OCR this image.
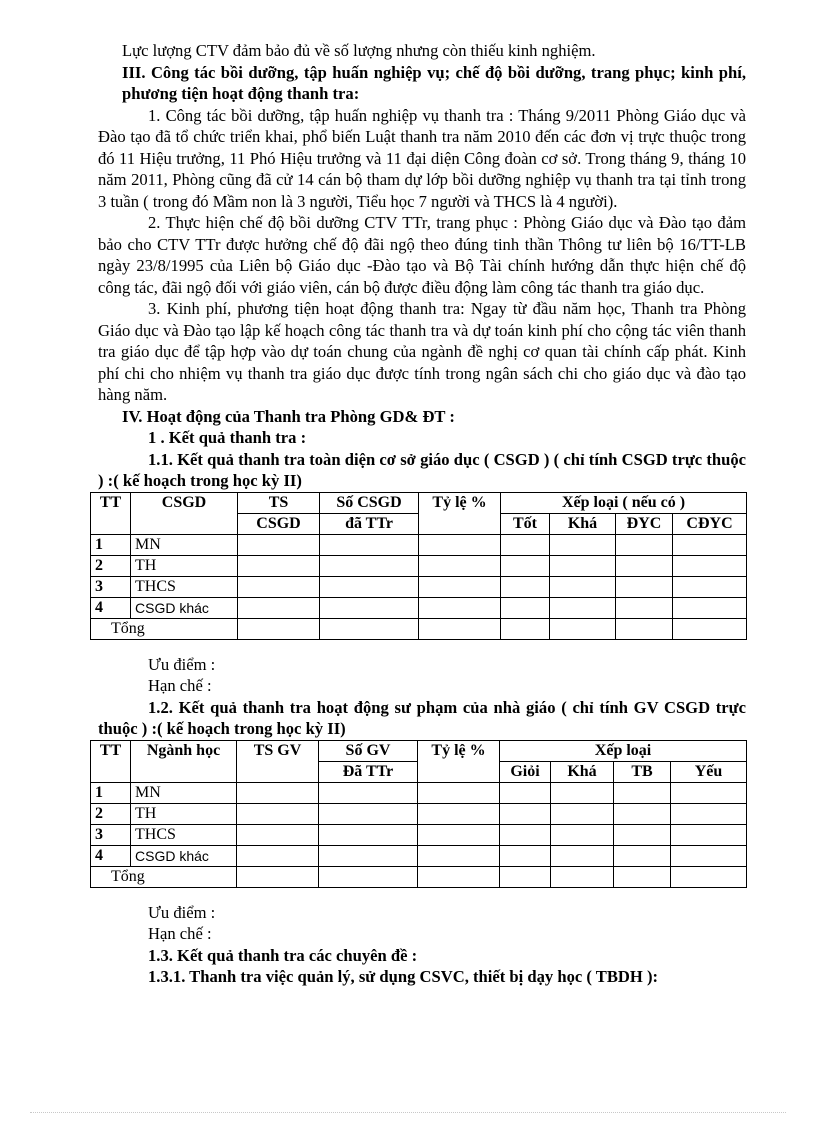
Lực lượng CTV đảm bảo đủ về số lượng nhưng còn thiếu kinh nghiệm.

III. Công tác bồi dưỡng, tập huấn nghiệp vụ; chế độ bồi dưỡng, trang phục; kinh phí, phương tiện hoạt động thanh tra:

1. Công tác bồi dưỡng, tập huấn nghiệp vụ thanh tra : Tháng 9/2011 Phòng Giáo dục và Đào tạo đã tổ chức triển khai, phổ biến Luật thanh tra năm 2010 đến các đơn vị trực thuộc trong đó 11 Hiệu trưởng, 11 Phó Hiệu trưởng và 11 đại diện Công đoàn cơ sở. Trong tháng 9, tháng 10 năm 2011, Phòng cũng đã cử 14 cán bộ tham dự lớp bồi dưỡng nghiệp vụ thanh tra tại tỉnh trong 3 tuần ( trong đó Mầm non là 3 người, Tiểu học 7 người và THCS là 4 người).

2. Thực hiện chế độ bồi dưỡng CTV TTr, trang phục : Phòng Giáo dục và Đào tạo đảm bảo cho CTV TTr được hưởng chế độ đãi ngộ theo đúng tinh thần Thông tư liên bộ 16/TT-LB ngày 23/8/1995 của Liên bộ Giáo dục -Đào tạo và Bộ Tài chính hướng dẫn thực hiện chế độ công tác, đãi ngộ đối với giáo viên, cán bộ được điều động làm công tác thanh tra giáo dục.

3. Kinh phí, phương tiện hoạt động thanh tra: Ngay từ đầu năm học, Thanh tra Phòng Giáo dục và Đào tạo lập kế hoạch công tác thanh tra và dự toán kinh phí cho cộng tác viên thanh tra giáo dục để tập hợp vào dự toán chung của ngành đề nghị cơ quan tài chính cấp phát. Kinh phí chi cho nhiệm vụ thanh tra giáo dục được tính trong ngân sách chi cho giáo dục và đào tạo hàng năm.

IV. Hoạt động của Thanh tra Phòng GD& ĐT :

1 . Kết quả thanh tra :

1.1. Kết quả thanh tra toàn diện cơ sở giáo dục ( CSGD ) ( chỉ tính CSGD trực thuộc ) :( kế hoạch trong học kỳ II)

TT	CSGD	TS	Số CSGD	Tỷ lệ %	Xếp loại ( nếu có )			
		CSGD	đã TTr		Tốt	Khá	ĐYC	CĐYC
1	MN							
2	TH							
3	THCS							
4	CSGD khác							
Tổng								

Ưu điểm :

Hạn chế :

1.2. Kết quả thanh tra hoạt động sư phạm của nhà giáo ( chỉ tính GV CSGD trực thuộc ) :( kế hoạch trong học kỳ II)

TT	Ngành học	TS GV	Số GV	Tỷ lệ %	Xếp loại			
			Đã TTr		Giỏi	Khá	TB	Yếu
1	MN							
2	TH							
3	THCS							
4	CSGD khác							
Tổng								

Ưu điểm :

Hạn chế :

1.3. Kết quả thanh tra các chuyên đề :

1.3.1. Thanh tra việc quản lý, sử dụng CSVC, thiết bị dạy học ( TBDH ):
